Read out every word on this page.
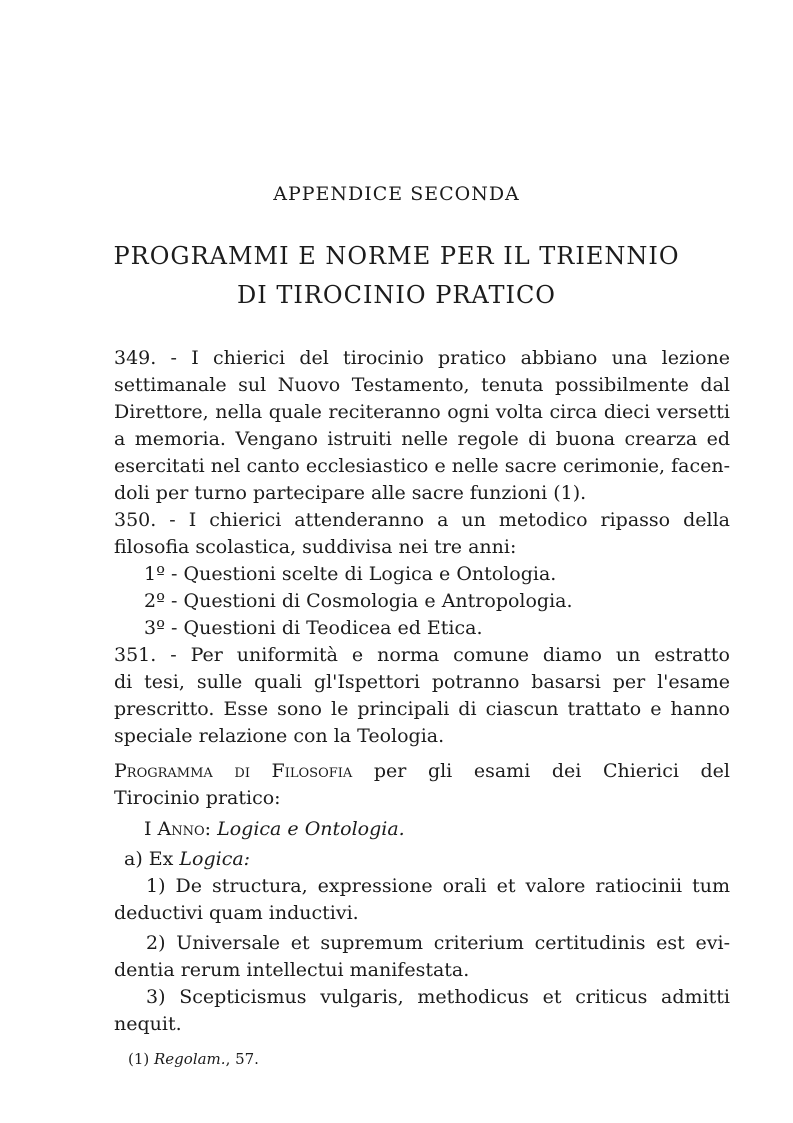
APPENDICE SECONDA
PROGRAMMI E NORME PER IL TRIENNIO
DI TIROCINIO PRATICO
349. - I chierici del tirocinio pratico abbiano una lezione
settimanale sul Nuovo Testamento, tenuta possibilmente dal
Direttore, nella quale reciteranno ogni volta circa dieci versetti
a memoria. Vengano istruiti nelle regole di buona crearza ed
esercitati nel canto ecclesiastico e nelle sacre cerimonie, facen-
doli per turno partecipare alle sacre funzioni (1).
350. - I chierici attenderanno a un metodico ripasso della
filosofia scolastica, suddivisa nei tre anni:
1º - Questioni scelte di Logica e Ontologia.
2º - Questioni di Cosmologia e Antropologia.
3º - Questioni di Teodicea ed Etica.
351. - Per uniformità e norma comune diamo un estratto
di tesi, sulle quali gl'Ispettori potranno basarsi per l'esame
prescritto. Esse sono le principali di ciascun trattato e hanno
speciale relazione con la Teologia.
Programma di Filosofia per gli esami dei Chierici del
Tirocinio pratico:
I Anno: Logica e Ontologia.
a) Ex Logica:
1) De structura, expressione orali et valore ratiocinii tum
deductivi quam inductivi.
2) Universale et supremum criterium certitudinis est evi-
dentia rerum intellectui manifestata.
3) Scepticismus vulgaris, methodicus et criticus admitti
nequit.
(1) Regolam., 57.
